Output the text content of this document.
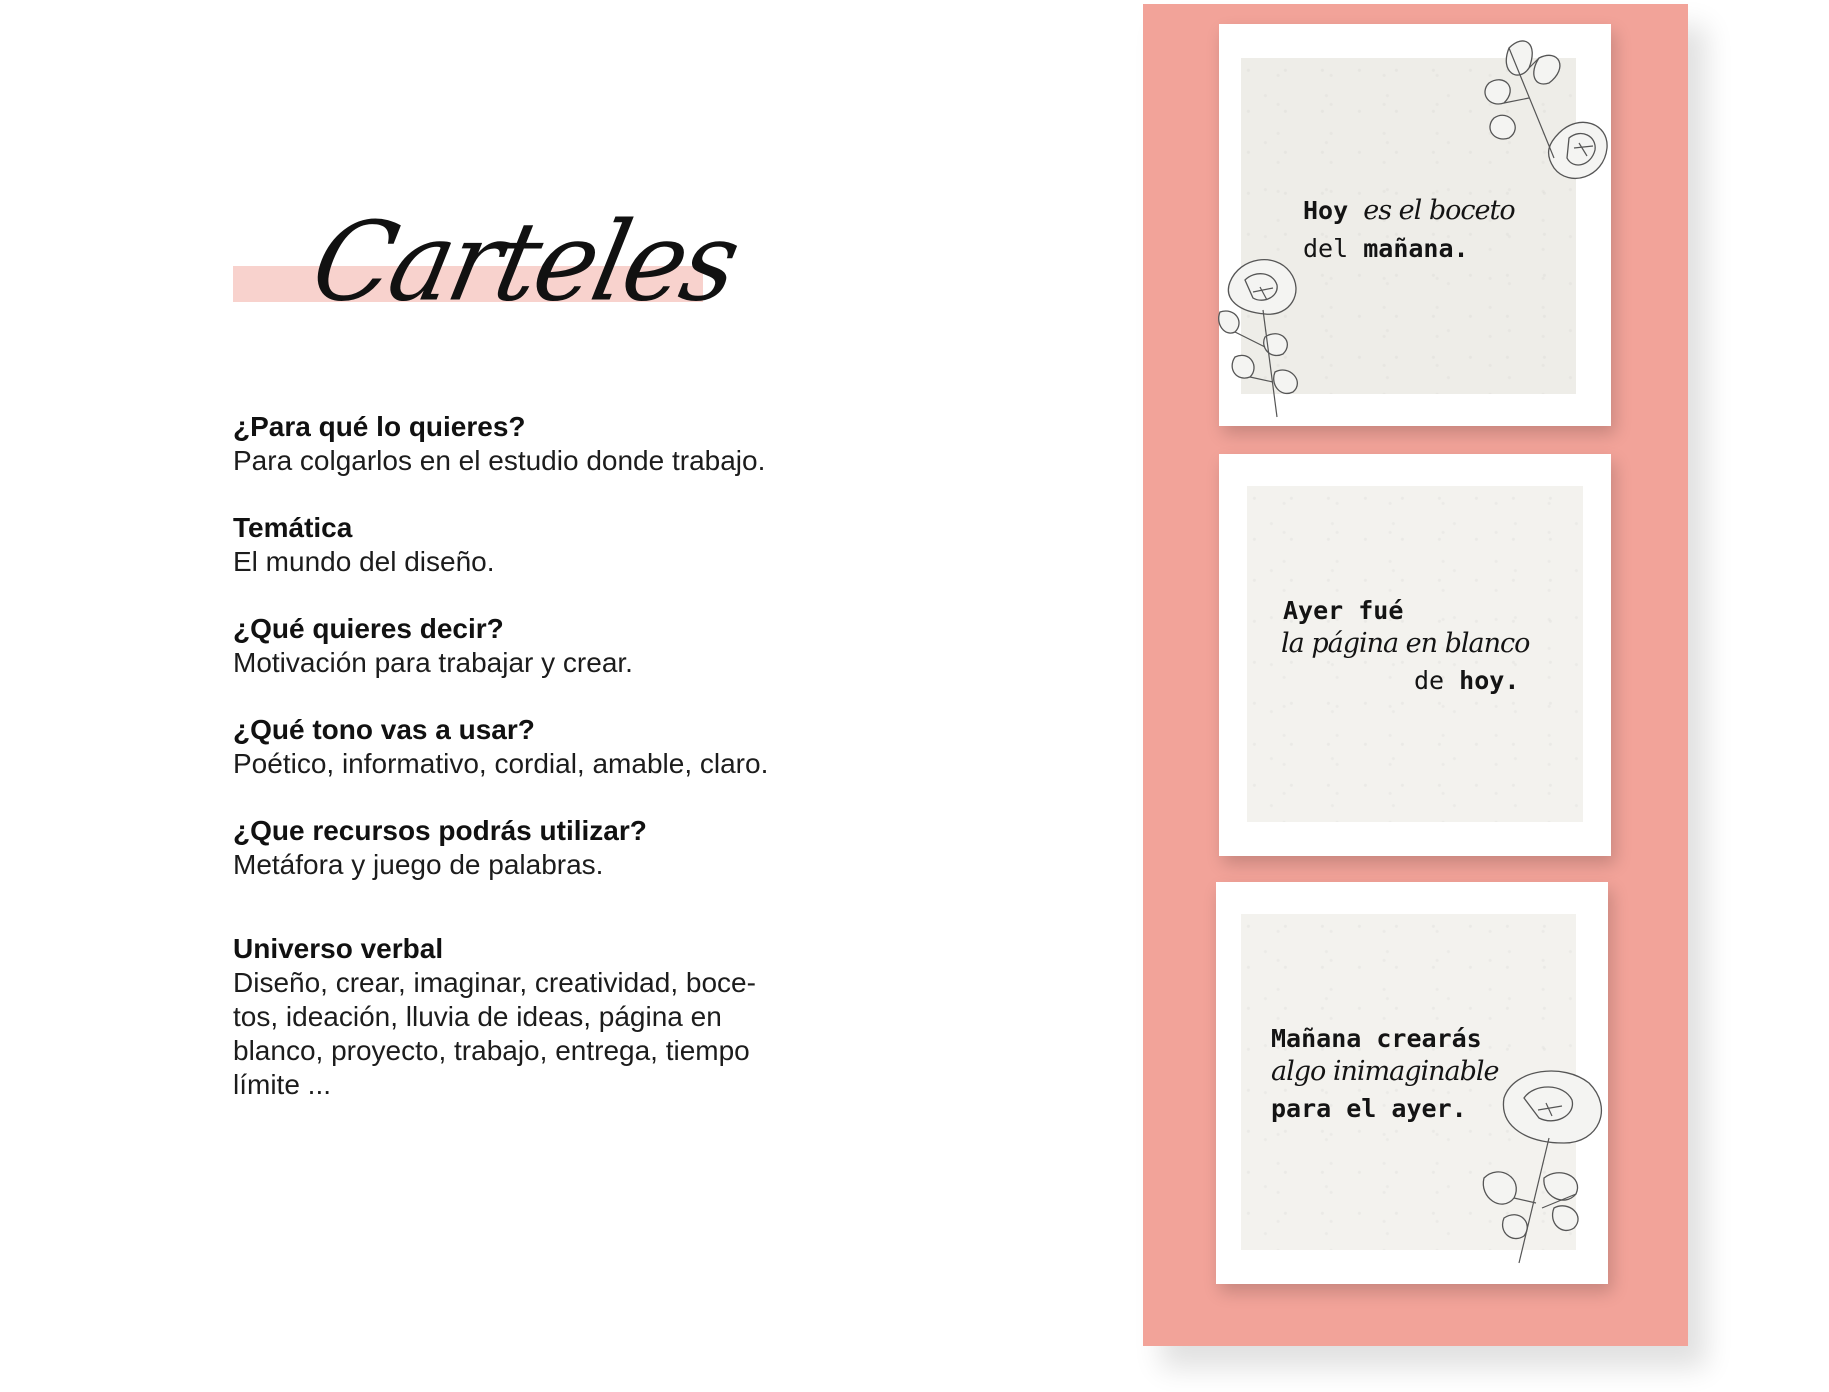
Carteles
¿Para qué lo quieres?
Para colgarlos en el estudio donde trabajo.
Temática
El mundo del diseño.
¿Qué quieres decir?
Motivación para trabajar y crear.
¿Qué tono vas a usar?
Poético, informativo, cordial, amable, claro.
¿Que recursos podrás utilizar?
Metáfora y juego de palabras.
Universo verbal
Diseño, crear, imaginar, creatividad, boce-
tos, ideación, lluvia de ideas, página en
blanco, proyecto, trabajo, entrega, tiempo
límite ...
Hoy es el boceto
del mañana.
Ayer fué
la página en blanco
de hoy.
Mañana crearás
algo inimaginable
para el ayer.
